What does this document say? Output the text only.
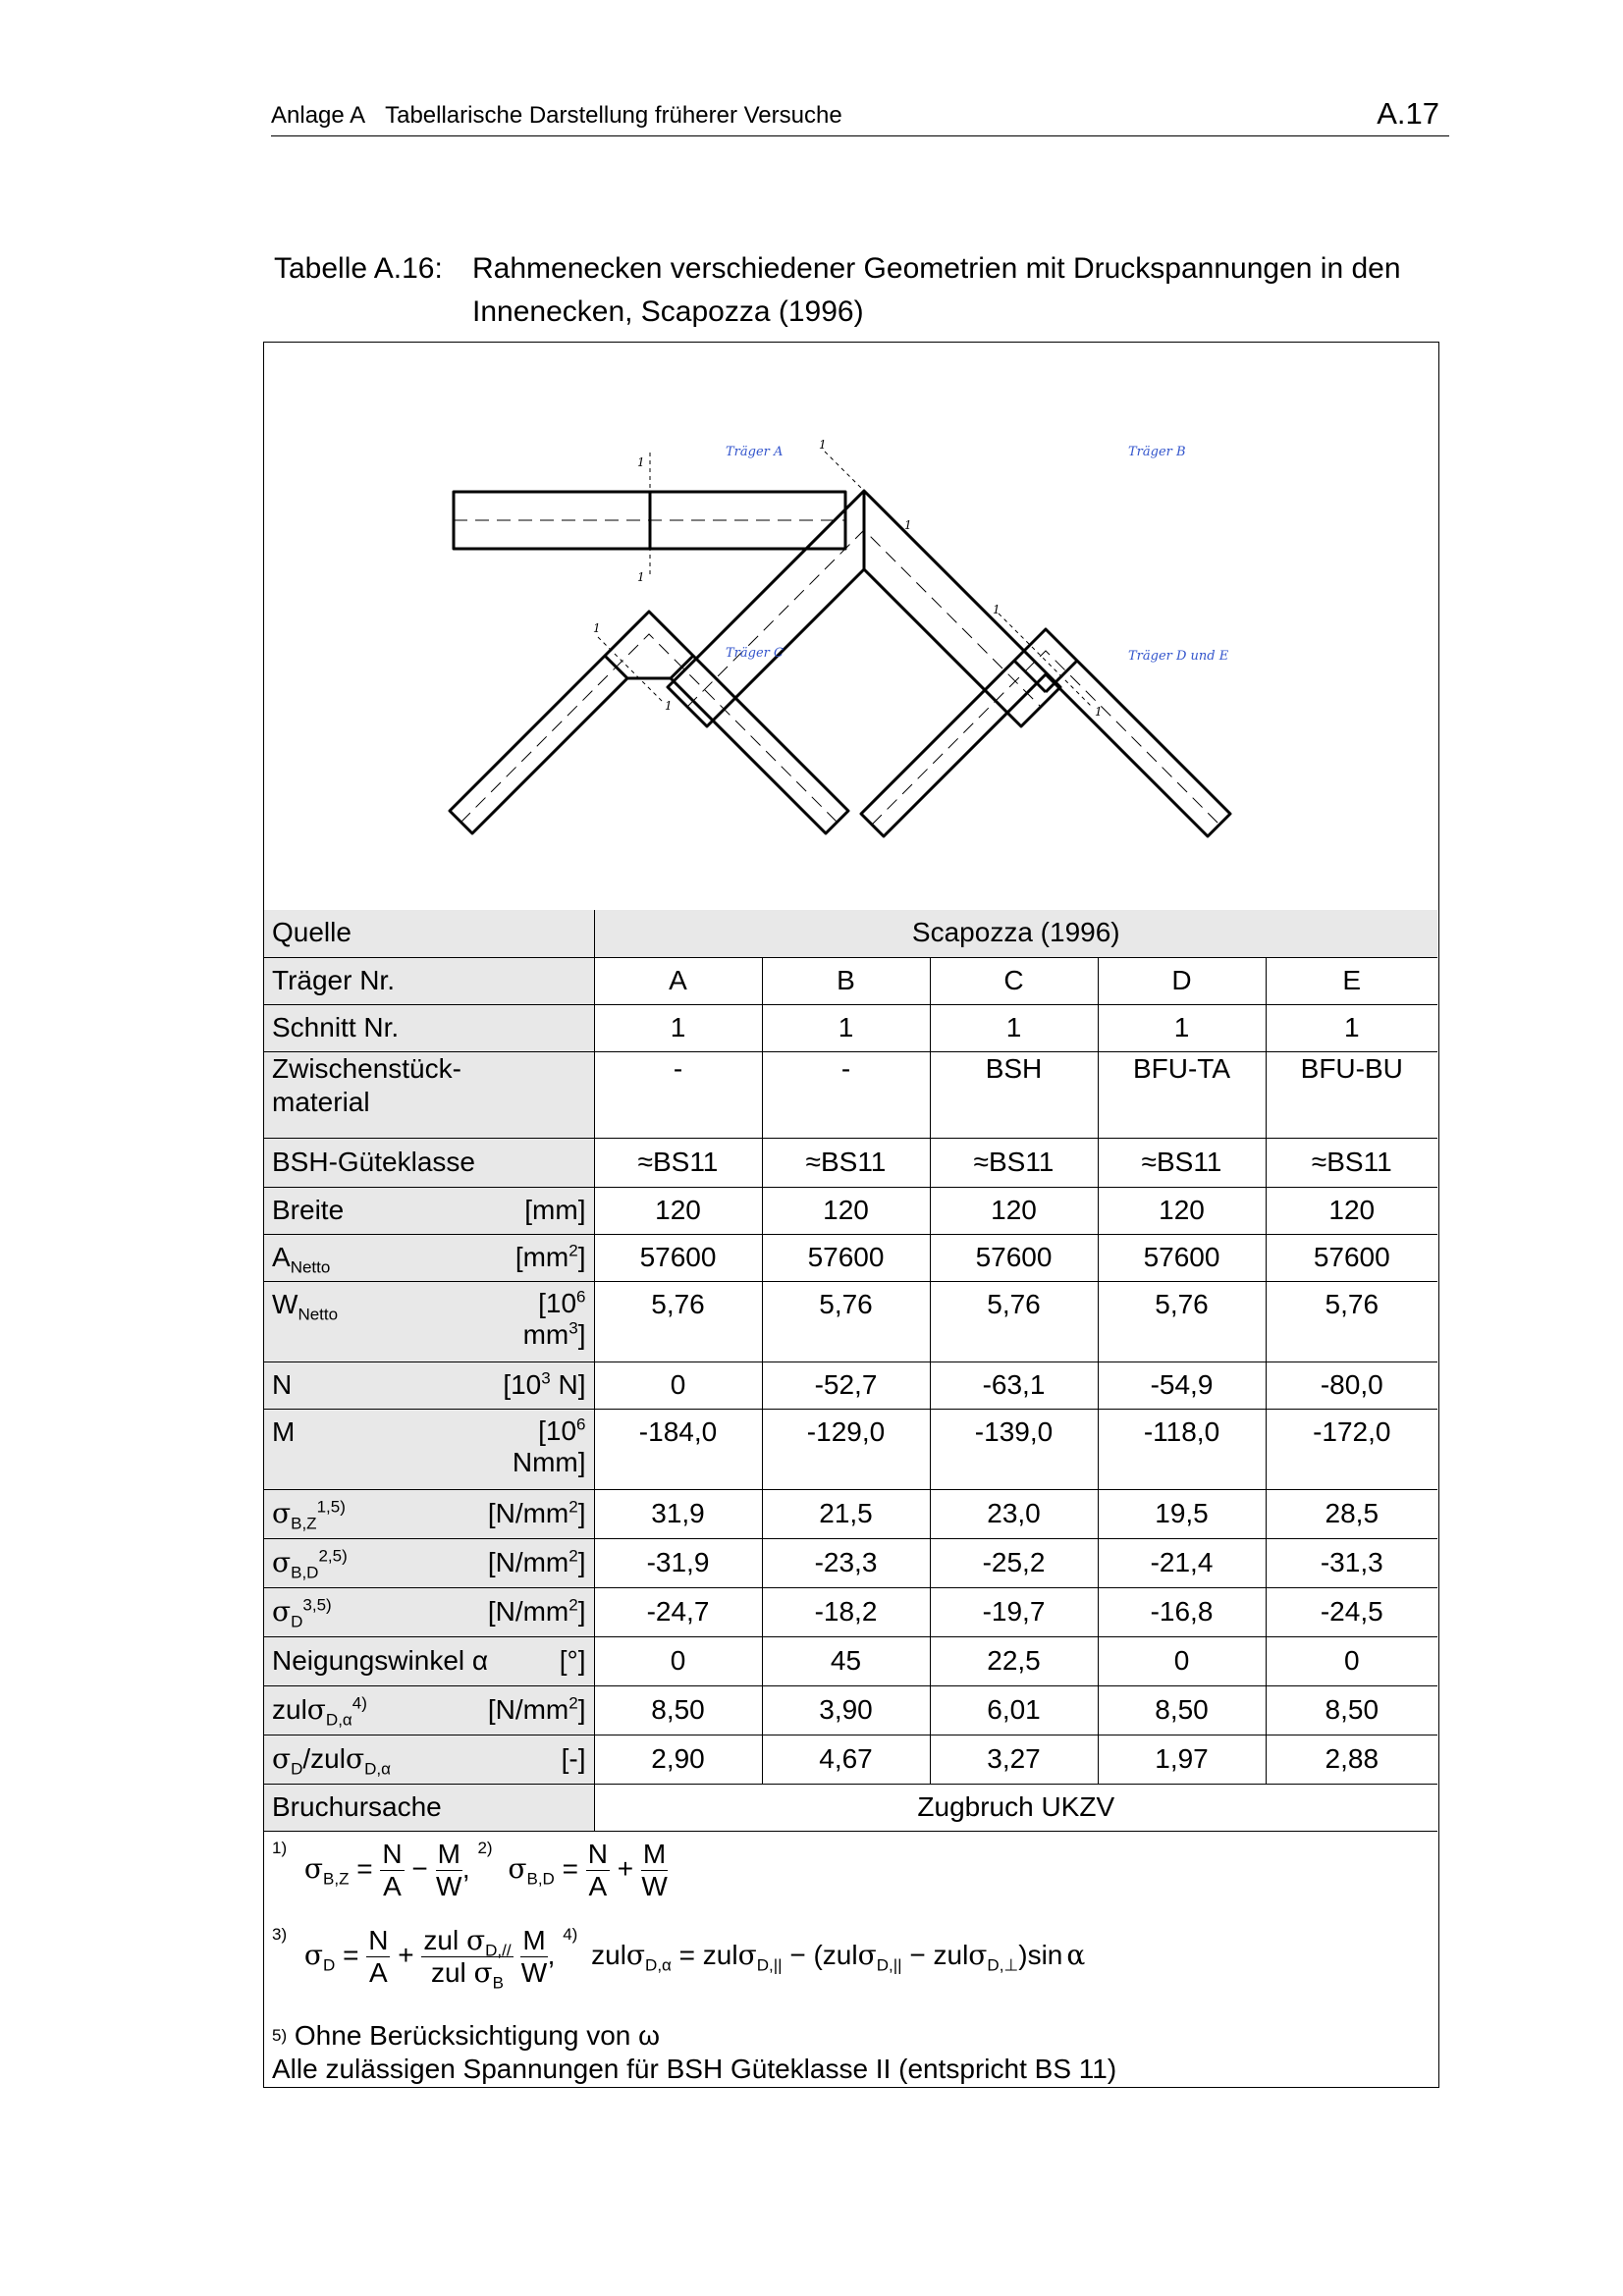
Anlage A Tabellarische Darstellung früherer Versuche	A.17
Tabelle A.16: Rahmenecken verschiedener Geometrien mit Druckspannungen in den
Innenecken, Scapozza (1996)
Träger A	Träger B
Träger C	Träger D und E
1
1
1
1
1
1
1
1
Quelle	Scapozza (1996)				
Träger Nr.	A	B	C	D	E
Schnitt Nr.	1	1	1	1	1

Zwischenstück-
material	-	-	BSH	BFU-TA	BFU-BU
BSH-Güteklasse	≈BS11	≈BS11	≈BS11	≈BS11	≈BS11
Breite [mm]	120	120	120	120	120
$A_{Netto}$ $[mm^2]$	57600	57600	57600	57600	57600
$W_{Netto}$ [$10^6$
$mm^3$]	5,76	5,76	5,76	5,76	5,76
N [$10^3$ N]	0	-52,7	-63,1	-54,9	-80,0
M [$10^6$
Nmm]	-184,0	-129,0	-139,0	-118,0	-172,0
$\sigma_{B,Z}^{1,5)}$ $[N/mm^2]$	31,9	21,5	23,0	19,5	28,5
$\sigma_{B,D}^{2,5)}$ $[N/mm^2]$	-31,9	-23,3	-25,2	-21,4	-31,3
$\sigma_D^{3,5)}$ $[N/mm^2]$	-24,7	-18,2	-19,7	-16,8	-24,5
Neigungswinkel α [°]	0	45	22,5	0	0
zulσ$_{D,\alpha}^{4)}$ $[N/mm^2]$	8,50	3,90	6,01	8,50	8,50
$\sigma_D/zul\sigma_{D,\alpha}$ [-]	2,90	4,67	3,27	1,97	2,88
Bruchursache	Zugbruch UKZV				
$^{1)}$ $\sigma_{B,Z} = \frac{N}{A} - \frac{M}{W}$ , $^{2)}$ $\sigma_{B,D} = \frac{N}{A} + \frac{M}{W}$
$^{3)}$ $\sigma_D = \frac{N}{A} + \frac{zul \sigma_{D,//}}{zul \sigma_B}$
$\frac{M}{W}$ , $^{4)}$ zulσ$_{D,\alpha}$ = zulσ$_{D,||}$ − (zulσ$_{D,||}$ − zulσ$_{D,\perp}$)sin α
$^{5)}$ Ohne Berücksichtigung von ω
Alle zulässigen Spannungen für BSH Güteklasse II (entspricht BS 11)
